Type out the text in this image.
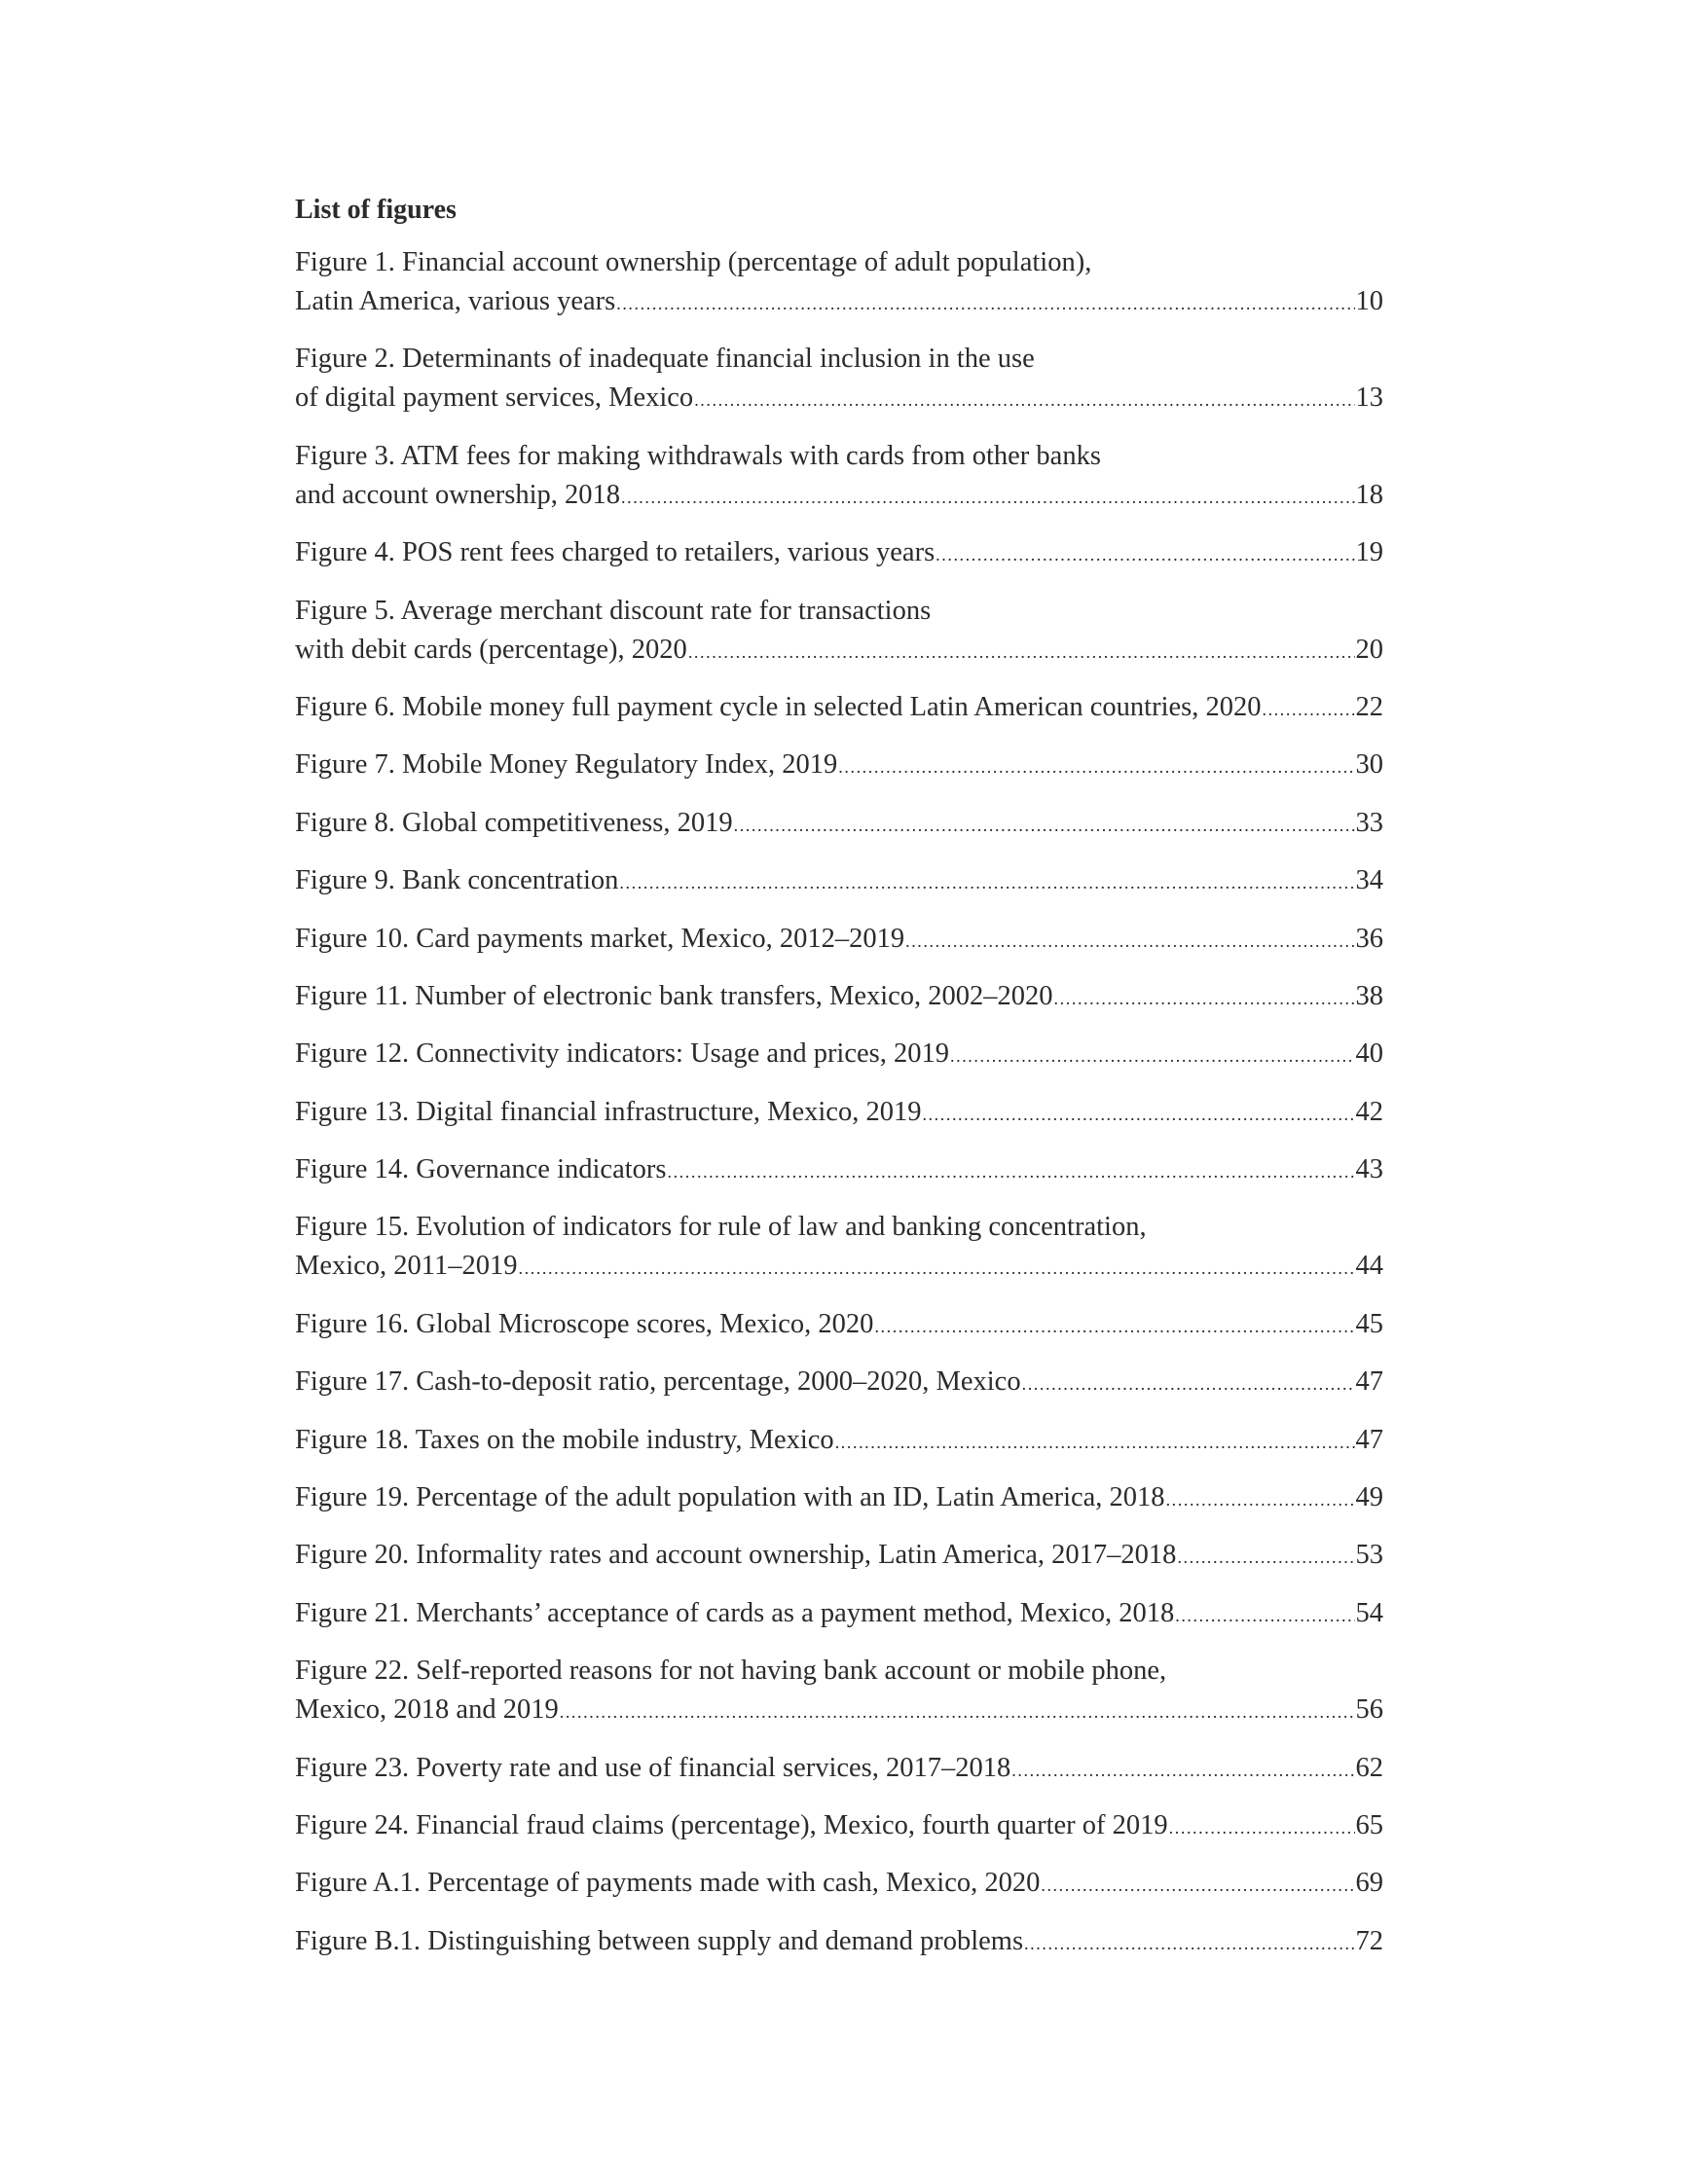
List of figures
Figure 1. Financial account ownership (percentage of adult population),
Latin America, various years .....	10
Figure 2. Determinants of inadequate financial inclusion in the use
of digital payment services, Mexico .....	13
Figure 3. ATM fees for making withdrawals with cards from other banks
and account ownership, 2018 .....	18
Figure 4. POS rent fees charged to retailers, various years .....	19
Figure 5. Average merchant discount rate for transactions
with debit cards (percentage), 2020 .....	20
Figure 6. Mobile money full payment cycle in selected Latin American countries, 2020 .....	22
Figure 7. Mobile Money Regulatory Index, 2019 .....	30
Figure 8. Global competitiveness, 2019 .....	33
Figure 9. Bank concentration .....	34
Figure 10. Card payments market, Mexico, 2012–2019 .....	36
Figure 11. Number of electronic bank transfers, Mexico, 2002–2020 .....	38
Figure 12. Connectivity indicators: Usage and prices, 2019 .....	40
Figure 13. Digital financial infrastructure, Mexico, 2019 .....	42
Figure 14. Governance indicators .....	43
Figure 15. Evolution of indicators for rule of law and banking concentration,
Mexico, 2011–2019 .....	44
Figure 16. Global Microscope scores, Mexico, 2020 .....	45
Figure 17. Cash-to-deposit ratio, percentage, 2000–2020, Mexico .....	47
Figure 18. Taxes on the mobile industry, Mexico .....	47
Figure 19. Percentage of the adult population with an ID, Latin America, 2018 .....	49
Figure 20. Informality rates and account ownership, Latin America, 2017–2018 .....	53
Figure 21. Merchants’ acceptance of cards as a payment method, Mexico, 2018 .....	54
Figure 22. Self-reported reasons for not having bank account or mobile phone,
Mexico, 2018 and 2019 .....	56
Figure 23. Poverty rate and use of financial services, 2017–2018 .....	62
Figure 24. Financial fraud claims (percentage), Mexico, fourth quarter of 2019 .....	65
Figure A.1. Percentage of payments made with cash, Mexico, 2020 .....	69
Figure B.1. Distinguishing between supply and demand problems .....	72
